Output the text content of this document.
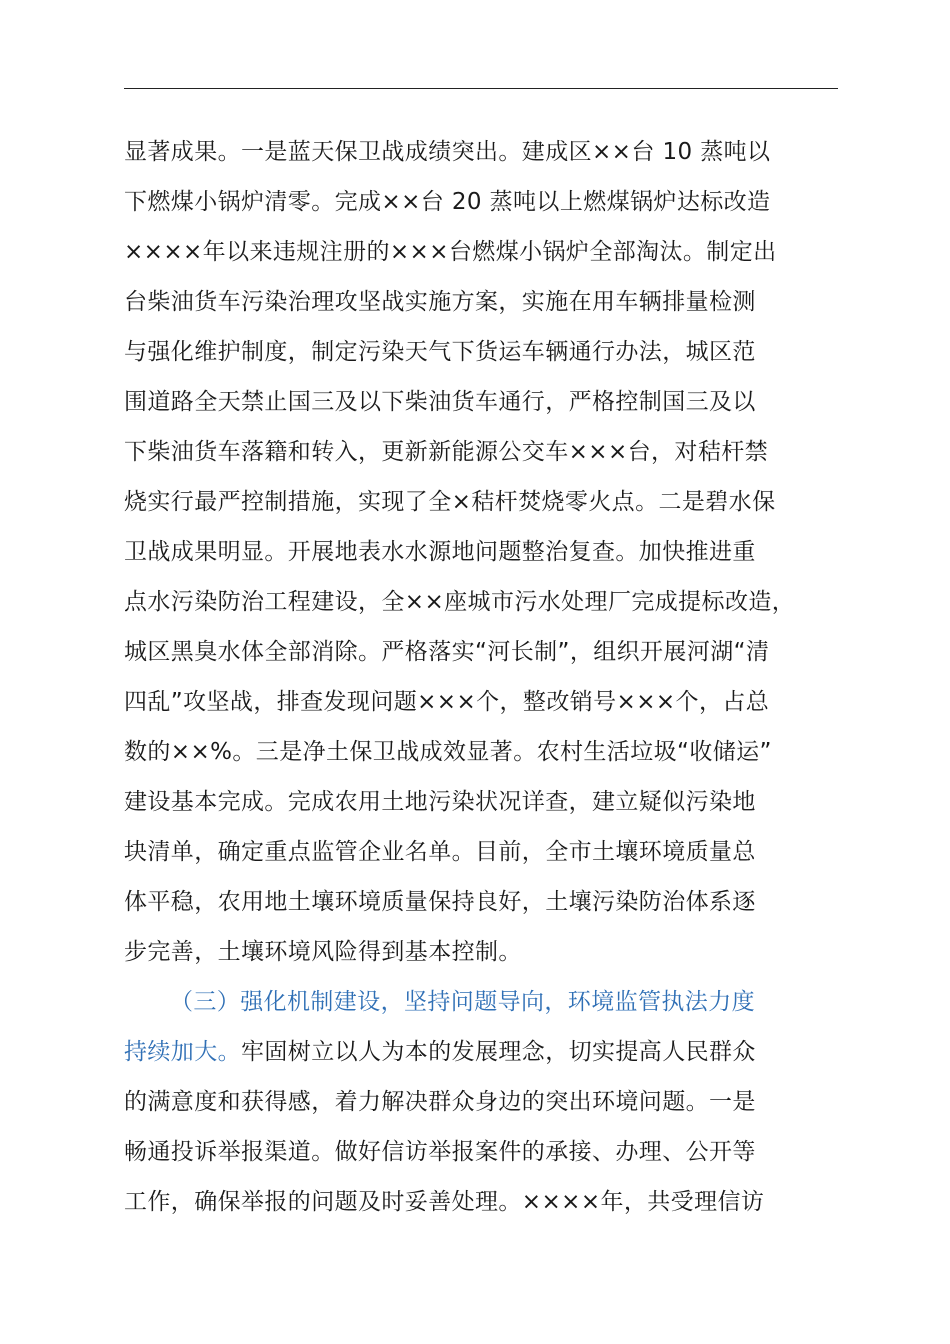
显著成果。一是蓝天保卫战成绩突出。建成区××台 10 蒸吨以
下燃煤小锅炉清零。完成××台 20 蒸吨以上燃煤锅炉达标改造
××××年以来违规注册的×××台燃煤小锅炉全部淘汰。制定出
台柴油货车污染治理攻坚战实施方案，实施在用车辆排量检测
与强化维护制度，制定污染天气下货运车辆通行办法，城区范
围道路全天禁止国三及以下柴油货车通行，严格控制国三及以
下柴油货车落籍和转入，更新新能源公交车×××台，对秸杆禁
烧实行最严控制措施，实现了全×秸杆焚烧零火点。二是碧水保
卫战成果明显。开展地表水水源地问题整治复查。加快推进重
点水污染防治工程建设，全××座城市污水处理厂完成提标改造，
城区黑臭水体全部消除。严格落实“河长制”，组织开展河湖“清
四乱”攻坚战，排查发现问题×××个，整改销号×××个，占总
数的××%。三是净土保卫战成效显著。农村生活垃圾“收储运”
建设基本完成。完成农用土地污染状况详查，建立疑似污染地
块清单，确定重点监管企业名单。目前，全市土壤环境质量总
体平稳，农用地土壤环境质量保持良好，土壤污染防治体系逐
步完善，土壤环境风险得到基本控制。
（三）强化机制建设，坚持问题导向，环境监管执法力度
持续加大。牢固树立以人为本的发展理念，切实提高人民群众
的满意度和获得感，着力解决群众身边的突出环境问题。一是
畅通投诉举报渠道。做好信访举报案件的承接、办理、公开等
工作，确保举报的问题及时妥善处理。××××年，共受理信访
